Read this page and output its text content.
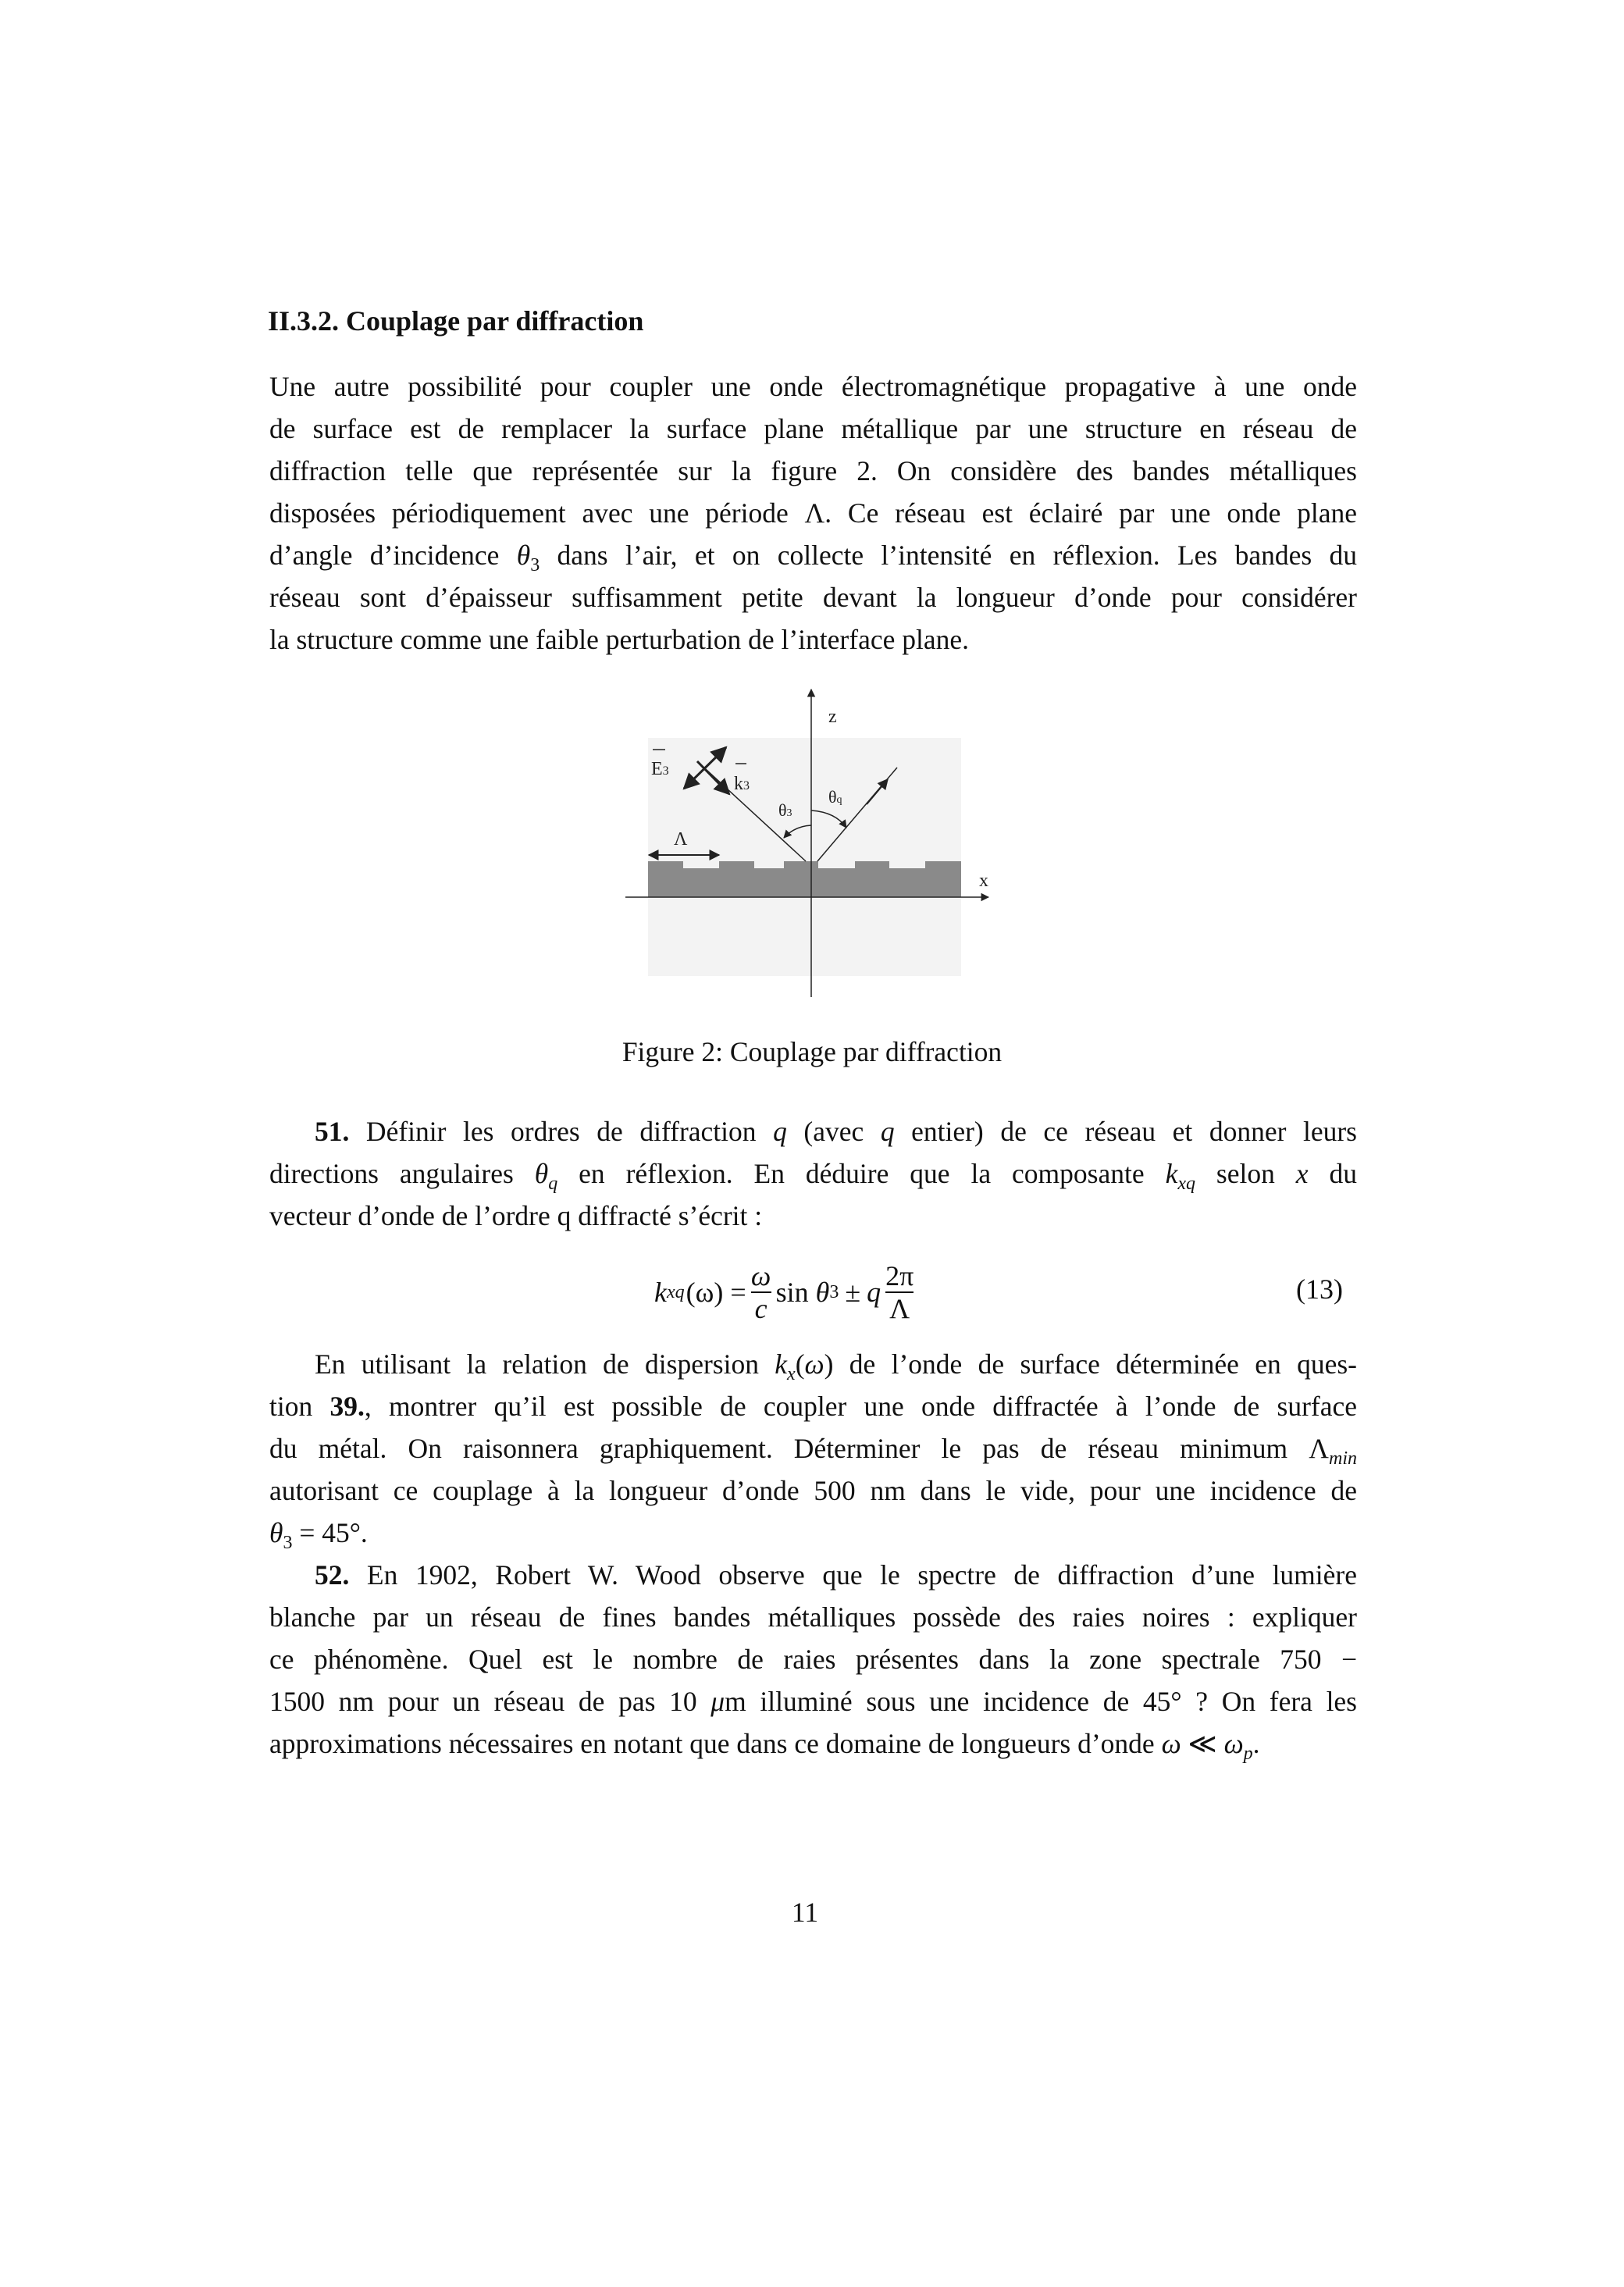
II.3.2. Couplage par diffraction
Une autre possibilité pour coupler une onde électromagnétique propagative à une onde
de surface est de remplacer la surface plane métallique par une structure en réseau de
diffraction telle que représentée sur la figure 2. On considère des bandes métalliques
disposées périodiquement avec une période Λ. Ce réseau est éclairé par une onde plane
d’angle d’incidence $\theta_3$ dans l’air, et on collecte l’intensité en réflexion. Les bandes du
réseau sont d’épaisseur suffisamment petite devant la longueur d’onde pour considérer
la structure comme une faible perturbation de l’interface plane.
z
x
E3
k3
θ3
θq
Λ
Figure 2: Couplage par diffraction
51. Définir les ordres de diffraction q (avec q entier) de ce réseau et donner leurs
directions angulaires $\theta_q$ en réflexion. En déduire que la composante $k_{xq}$ selon x du
vecteur d’onde de l’ordre q diffracté s’écrit :
k xq $(\omega) = \frac{\omega}{c}$ sin
θ 3 ± q $\frac{2\pi}{\Lambda}$	(13)
En utilisant la relation de dispersion $k_x(\omega)$ de l’onde de surface déterminée en ques-
tion 39., montrer qu’il est possible de coupler une onde diffractée à l’onde de surface
du métal. On raisonnera graphiquement. Déterminer le pas de réseau minimum $\Lambda_{min}$
autorisant ce couplage à la longueur d’onde 500 nm dans le vide, pour une incidence de
$\theta_3 = 45^\circ$.
52. En 1902, Robert W. Wood observe que le spectre de diffraction d’une lumière
blanche par un réseau de fines bandes métalliques possède des raies noires : expliquer
ce phénomène. Quel est le nombre de raies présentes dans la zone spectrale 750 −
1500 nm pour un réseau de pas 10 μm illuminé sous une incidence de 45° ? On fera les
approximations nécessaires en notant que dans ce domaine de longueurs d’onde ω ≪ $\omega_p$.
11
